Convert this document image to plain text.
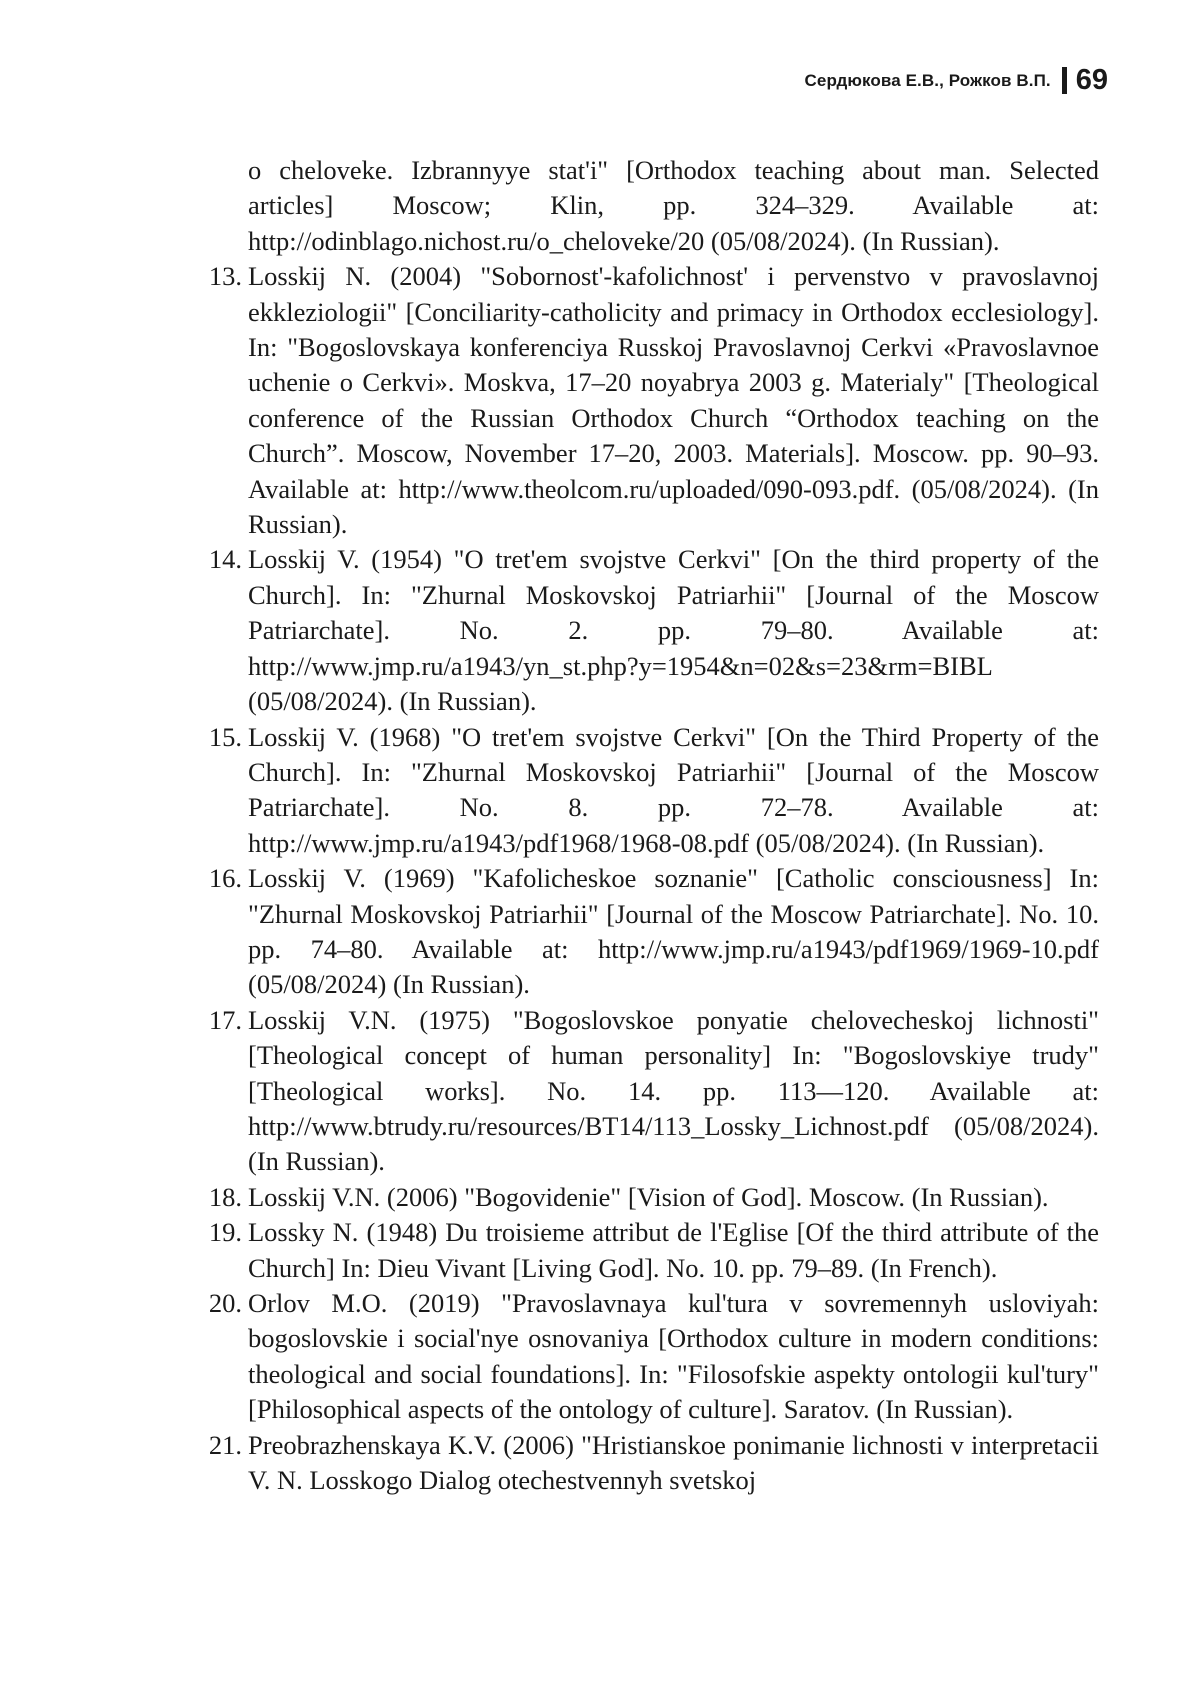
Сердюкова Е.В., Рожков В.П. 69

o cheloveke. Izbrannyye stat'i" [Orthodox teaching about man. Selected articles] Moscow; Klin, pp. 324–329. Available at: http://odinblago.nichost.ru/o_cheloveke/20 (05/08/2024). (In Russian).

13. Losskij N. (2004) "Sobornost'-kafolichnost' i pervenstvo v pravoslavnoj ekkleziologii" [Conciliarity-catholicity and primacy in Orthodox ecclesiology]. In: "Bogoslovskaya konferenciya Russkoj Pravoslavnoj Cerkvi «Pravoslavnoe uchenie o Cerkvi». Moskva, 17–20 noyabrya 2003 g. Materialy" [Theological conference of the Russian Orthodox Church “Orthodox teaching on the Church”. Moscow, November 17–20, 2003. Materials]. Moscow. pp. 90–93. Available at: http://www.theolcom.ru/uploaded/090-093.pdf. (05/08/2024). (In Russian).
14. Losskij V. (1954) "O tret'em svojstve Cerkvi" [On the third property of the Church]. In: "Zhurnal Moskovskoj Patriarhii" [Journal of the Moscow Patriarchate]. No. 2. pp. 79–80. Available at: http://www.jmp.ru/a1943/yn_st.php?y=1954&n=02&s=23&rm=BIBL (05/08/2024). (In Russian).
15. Losskij V. (1968) "O tret'em svojstve Cerkvi" [On the Third Property of the Church]. In: "Zhurnal Moskovskoj Patriarhii" [Journal of the Moscow Patriarchate]. No. 8. pp. 72–78. Available at: http://www.jmp.ru/a1943/pdf1968/1968-08.pdf (05/08/2024). (In Russian).
16. Losskij V. (1969) "Kafolicheskoe soznanie" [Catholic consciousness] In: "Zhurnal Moskovskoj Patriarhii" [Journal of the Moscow Patriarchate]. No. 10. pp. 74–80. Available at: http://www.jmp.ru/a1943/pdf1969/1969-10.pdf (05/08/2024) (In Russian).
17. Losskij V.N. (1975) "Bogoslovskoe ponyatie chelovecheskoj lichnosti" [Theological concept of human personality] In: "Bogoslovskiye trudy" [Theological works]. No. 14. pp. 113—120. Available at: http://www.btrudy.ru/resources/BT14/113_Lossky_Lichnost.pdf (05/08/2024). (In Russian).
18. Losskij V.N. (2006) "Bogovidenie" [Vision of God]. Moscow. (In Russian).
19. Lossky N. (1948) Du troisieme attribut de l'Eglise [Of the third attribute of the Church] In: Dieu Vivant [Living God]. No. 10. pp. 79–89. (In French).
20. Orlov M.O. (2019) "Pravoslavnaya kul'tura v sovremennyh usloviyah: bogoslovskie i social'nye osnovaniya [Orthodox culture in modern conditions: theological and social foundations]. In: "Filosofskie aspekty ontologii kul'tury" [Philosophical aspects of the ontology of culture]. Saratov. (In Russian).
21. Preobrazhenskaya K.V. (2006) "Hristianskoe ponimanie lichnosti v interpretacii V. N. Losskogo Dialog otechestvennyh svetskoj
